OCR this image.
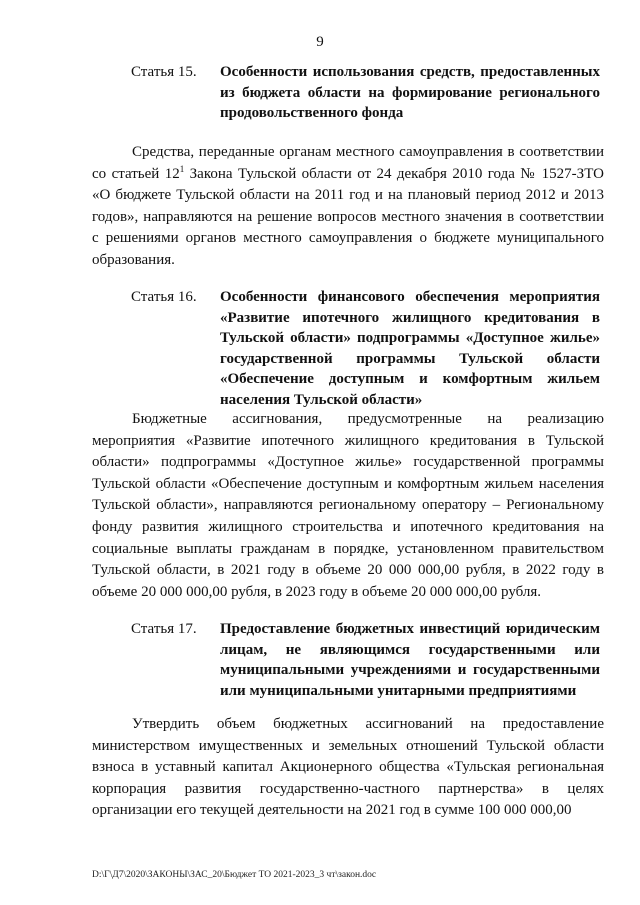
9
Статья 15. Особенности использования средств, предоставленных из бюджета области на формирование регионального продовольственного фонда
Средства, переданные органам местного самоуправления в соответствии со статьей $12^1$ Закона Тульской области от 24 декабря 2010 года № 1527-ЗТО «О бюджете Тульской области на 2011 год и на плановый период 2012 и 2013 годов», направляются на решение вопросов местного значения в соответствии с решениями органов местного самоуправления о бюджете муниципального образования.
Статья 16. Особенности финансового обеспечения мероприятия «Развитие ипотечного жилищного кредитования в Тульской области» подпрограммы «Доступное жилье» государственной программы Тульской области «Обеспечение доступным и комфортным жильем населения Тульской области»
Бюджетные ассигнования, предусмотренные на реализацию мероприятия «Развитие ипотечного жилищного кредитования в Тульской области» подпрограммы «Доступное жилье» государственной программы Тульской области «Обеспечение доступным и комфортным жильем населения Тульской области», направляются региональному оператору – Региональному фонду развития жилищного строительства и ипотечного кредитования на социальные выплаты гражданам в порядке, установленном правительством Тульской области, в 2021 году в объеме 20 000 000,00 рубля, в 2022 году в объеме 20 000 000,00 рубля, в 2023 году в объеме 20 000 000,00 рубля.
Статья 17. Предоставление бюджетных инвестиций юридическим лицам, не являющимся государственными или муниципальными учреждениями и государственными или муниципальными унитарными предприятиями
Утвердить объем бюджетных ассигнований на предоставление министерством имущественных и земельных отношений Тульской области взноса в уставный капитал Акционерного общества «Тульская региональная корпорация развития государственно-частного партнерства» в целях организации его текущей деятельности на 2021 год в сумме 100 000 000,00
D:\Г\Д7\2020\ЗАКОНЫ\ЗАС_20\Бюджет ТО 2021-2023_3 чт\закон.doc
